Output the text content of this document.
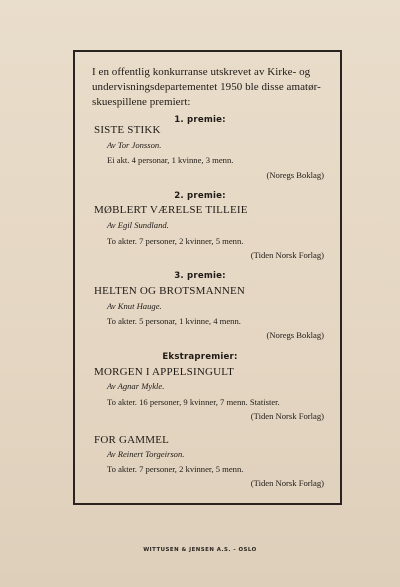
I en offentlig konkurranse utskrevet av Kirke- og
undervisningsdepartementet 1950 ble disse amatør-
skuespillene premiert:
1. premie:
SISTE STIKK
Av Tor Jonsson.
Ei akt. 4 personar, 1 kvinne, 3 menn.
(Noregs Boklag)
2. premie:
MØBLERT VÆRELSE TILLEIE
Av Egil Sundland.
To akter. 7 personer, 2 kvinner, 5 menn.
(Tiden Norsk Forlag)
3. premie:
HELTEN OG BROTSMANNEN
Av Knut Hauge.
To akter. 5 personar, 1 kvinne, 4 menn.
(Noregs Boklag)
Ekstrapremier:
MORGEN I APPELSINGULT
Av Agnar Mykle.
To akter. 16 personer, 9 kvinner, 7 menn. Statister.
(Tiden Norsk Forlag)
FOR GAMMEL
Av Reinert Torgeirson.
To akter. 7 personer, 2 kvinner, 5 menn.
(Tiden Norsk Forlag)
WITTUSEN & JENSEN A.S. - OSLO
